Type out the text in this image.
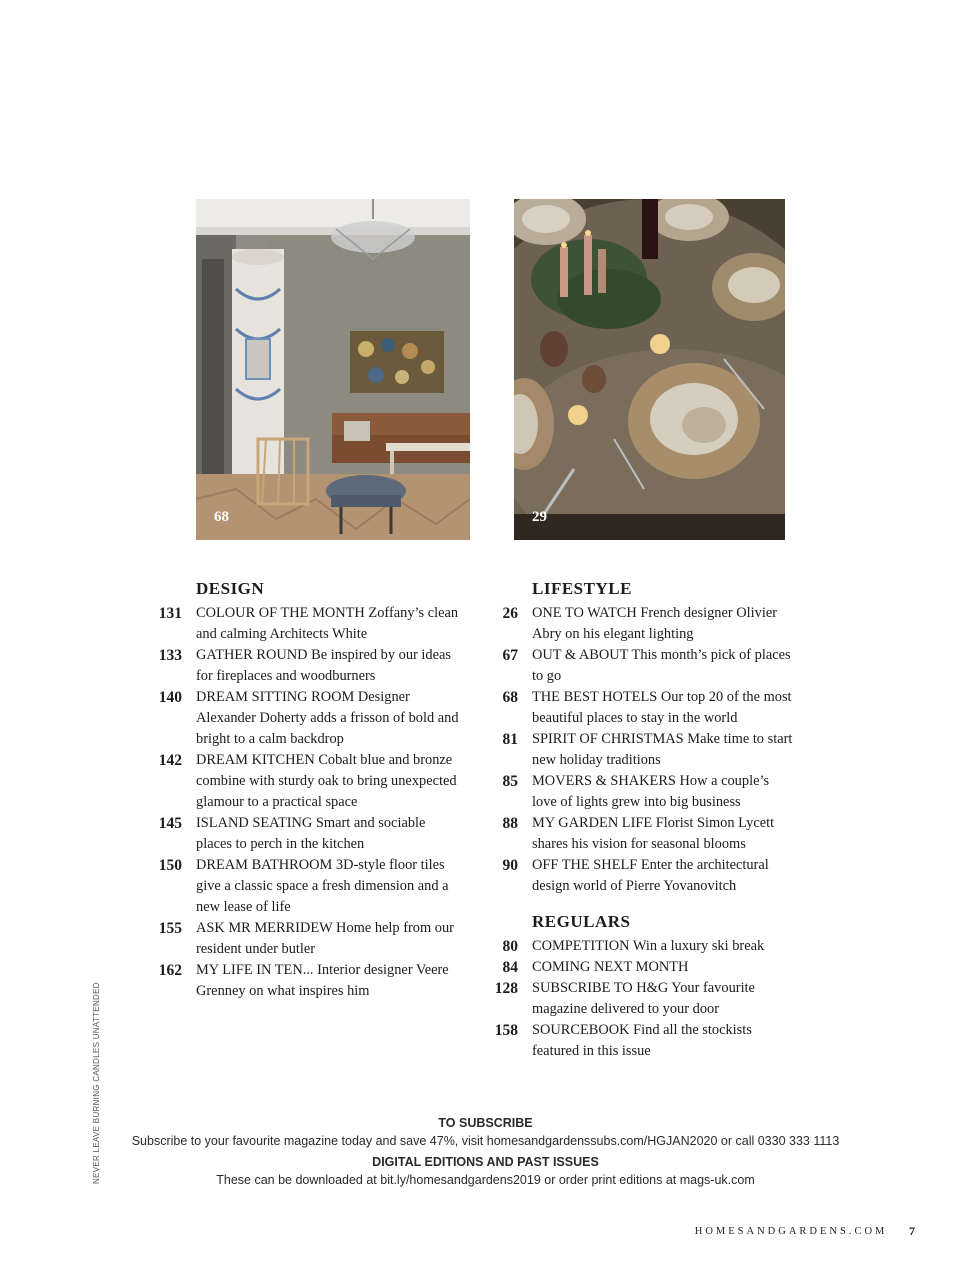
68	29
DESIGN
131 COLOUR OF THE MONTH Zoffany’s clean and calming Architects White
133 GATHER ROUND Be inspired by our ideas for fireplaces and woodburners
140 DREAM SITTING ROOM Designer Alexander Doherty adds a frisson of bold and bright to a calm backdrop
142 DREAM KITCHEN Cobalt blue and bronze combine with sturdy oak to bring unexpected glamour to a practical space
145 ISLAND SEATING Smart and sociable places to perch in the kitchen
150 DREAM BATHROOM 3D-style floor tiles give a classic space a fresh dimension and a new lease of life
155 ASK MR MERRIDEW Home help from our resident under butler
162 MY LIFE IN TEN... Interior designer Veere Grenney on what inspires him
LIFESTYLE
26 ONE TO WATCH French designer Olivier Abry on his elegant lighting
67 OUT & ABOUT This month’s pick of places to go
68 THE BEST HOTELS Our top 20 of the most beautiful places to stay in the world
81 SPIRIT OF CHRISTMAS Make time to start new holiday traditions
85 MOVERS & SHAKERS How a couple’s love of lights grew into big business
88 MY GARDEN LIFE Florist Simon Lycett shares his vision for seasonal blooms
90 OFF THE SHELF Enter the architectural design world of Pierre Yovanovitch
REGULARS
80 COMPETITION Win a luxury ski break
84 COMING NEXT MONTH
128 SUBSCRIBE TO H&G Your favourite magazine delivered to your door
158 SOURCEBOOK Find all the stockists featured in this issue
NEVER LEAVE BURNING CANDLES UNATTENDED	TO SUBSCRIBE
Subscribe to your favourite magazine today and save 47%, visit homesandgardenssubs.com/HGJAN2020 or call 0330 333 1113
DIGITAL EDITIONS AND PAST ISSUES
These can be downloaded at bit.ly/homesandgardens2019 or order print editions at mags-uk.com
HOMESANDGARDENS.COM	7
